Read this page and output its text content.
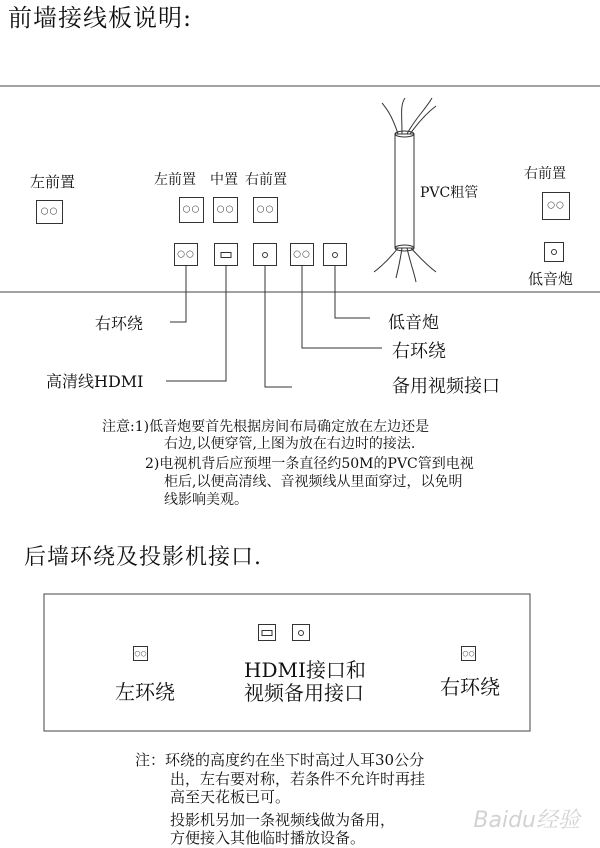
前墙接线板说明:
左前置	左前置 中置 右前置	右前置
PVC粗管
低音炮
○○	○○ ○○ ○○	○○
○○	○○
右环绕
高清线HDMI
低音炮
右环绕
备用视频接口
注意:1)低音炮要首先根据房间布局确定放在左边还是
右边,以便穿管,上图为放在右边时的接法.
2)电视机背后应预埋一条直径约50M的PVC管到电视
柜后,以便高清线、音视频线从里面穿过，以免明
线影响美观。
后墙环绕及投影机接口.
○○	○○
左环绕
HDMI接口和
视频备用接口	右环绕
注：环绕的高度约在坐下时高过人耳30公分
出，左右要对称，若条件不允许时再挂
高至天花板已可。
投影机另加一条视频线做为备用，
方便接入其他临时播放设备。
Baidu经验
